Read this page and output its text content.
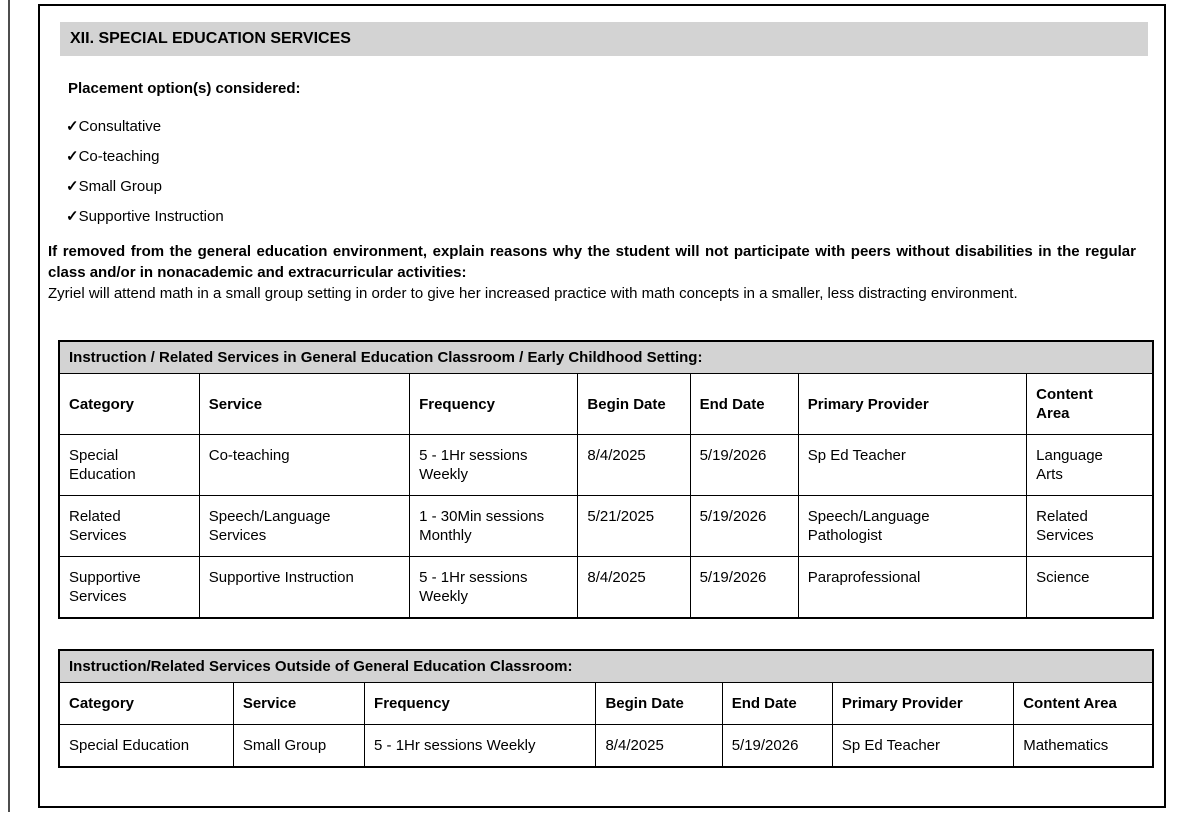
XII. SPECIAL EDUCATION SERVICES
Placement option(s) considered:
✓Consultative
✓Co-teaching
✓Small Group
✓Supportive Instruction
If removed from the general education environment, explain reasons why the student will not participate with peers without disabilities in the regular class and/or in nonacademic and extracurricular activities:
Zyriel will attend math in a small group setting in order to give her increased practice with math concepts in a smaller, less distracting environment.
Instruction / Related Services in General Education Classroom / Early Childhood Setting:						
Category	Service	Frequency	Begin Date	End Date	Primary Provider	Content Area
Special Education	Co-teaching	5 - 1Hr sessions Weekly	8/4/2025	5/19/2026	Sp Ed Teacher	Language Arts
Related Services	Speech/Language Services	1 - 30Min sessions Monthly	5/21/2025	5/19/2026	Speech/Language Pathologist	Related Services
Supportive Services	Supportive Instruction	5 - 1Hr sessions Weekly	8/4/2025	5/19/2026	Paraprofessional	Science
Instruction/Related Services Outside of General Education Classroom:						
Category	Service	Frequency	Begin Date	End Date	Primary Provider	Content Area
Special Education	Small Group	5 - 1Hr sessions Weekly	8/4/2025	5/19/2026	Sp Ed Teacher	Mathematics
